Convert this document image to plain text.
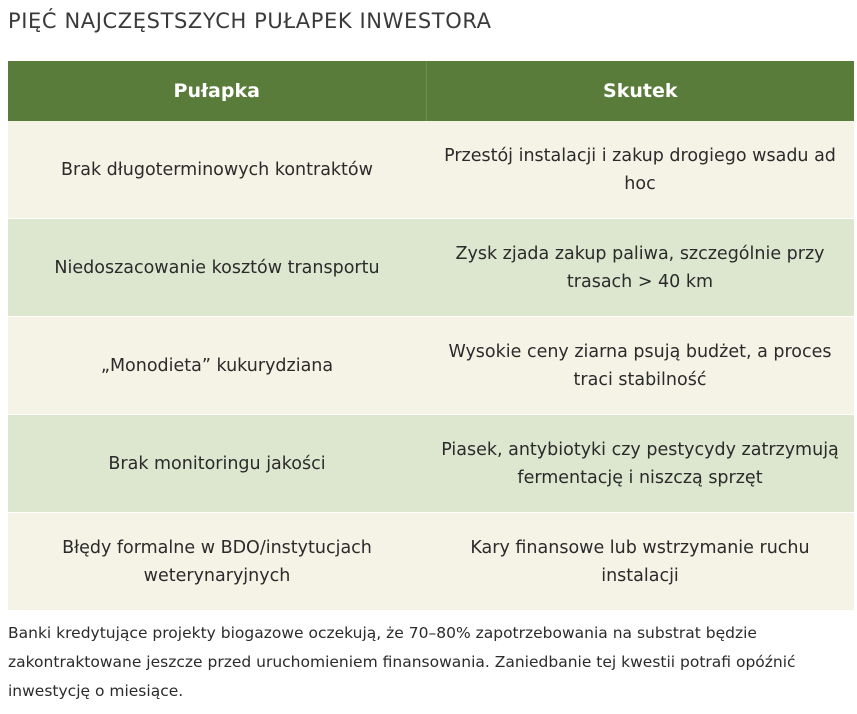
PIĘĆ NAJCZĘSTSZYCH PUŁAPEK INWESTORA
Pułapka	Skutek
Brak długoterminowych kontraktów	Przestój instalacji i zakup drogiego wsadu ad hoc
Niedoszacowanie kosztów transportu	Zysk zjada zakup paliwa, szczególnie przy trasach > 40 km
„Monodieta” kukurydziana	Wysokie ceny ziarna psują budżet, a proces traci stabilność
Brak monitoringu jakości	Piasek, antybiotyki czy pestycydy zatrzymują fermentację i niszczą sprzęt
Błędy formalne w BDO/instytucjach weterynaryjnych	Kary finansowe lub wstrzymanie ruchu instalacji
Banki kredytujące projekty biogazowe oczekują, że 70–80% zapotrzebowania na substrat będzie zakontraktowane jeszcze przed uruchomieniem finansowania. Zaniedbanie tej kwestii potrafi opóźnić inwestycję o miesiące.
